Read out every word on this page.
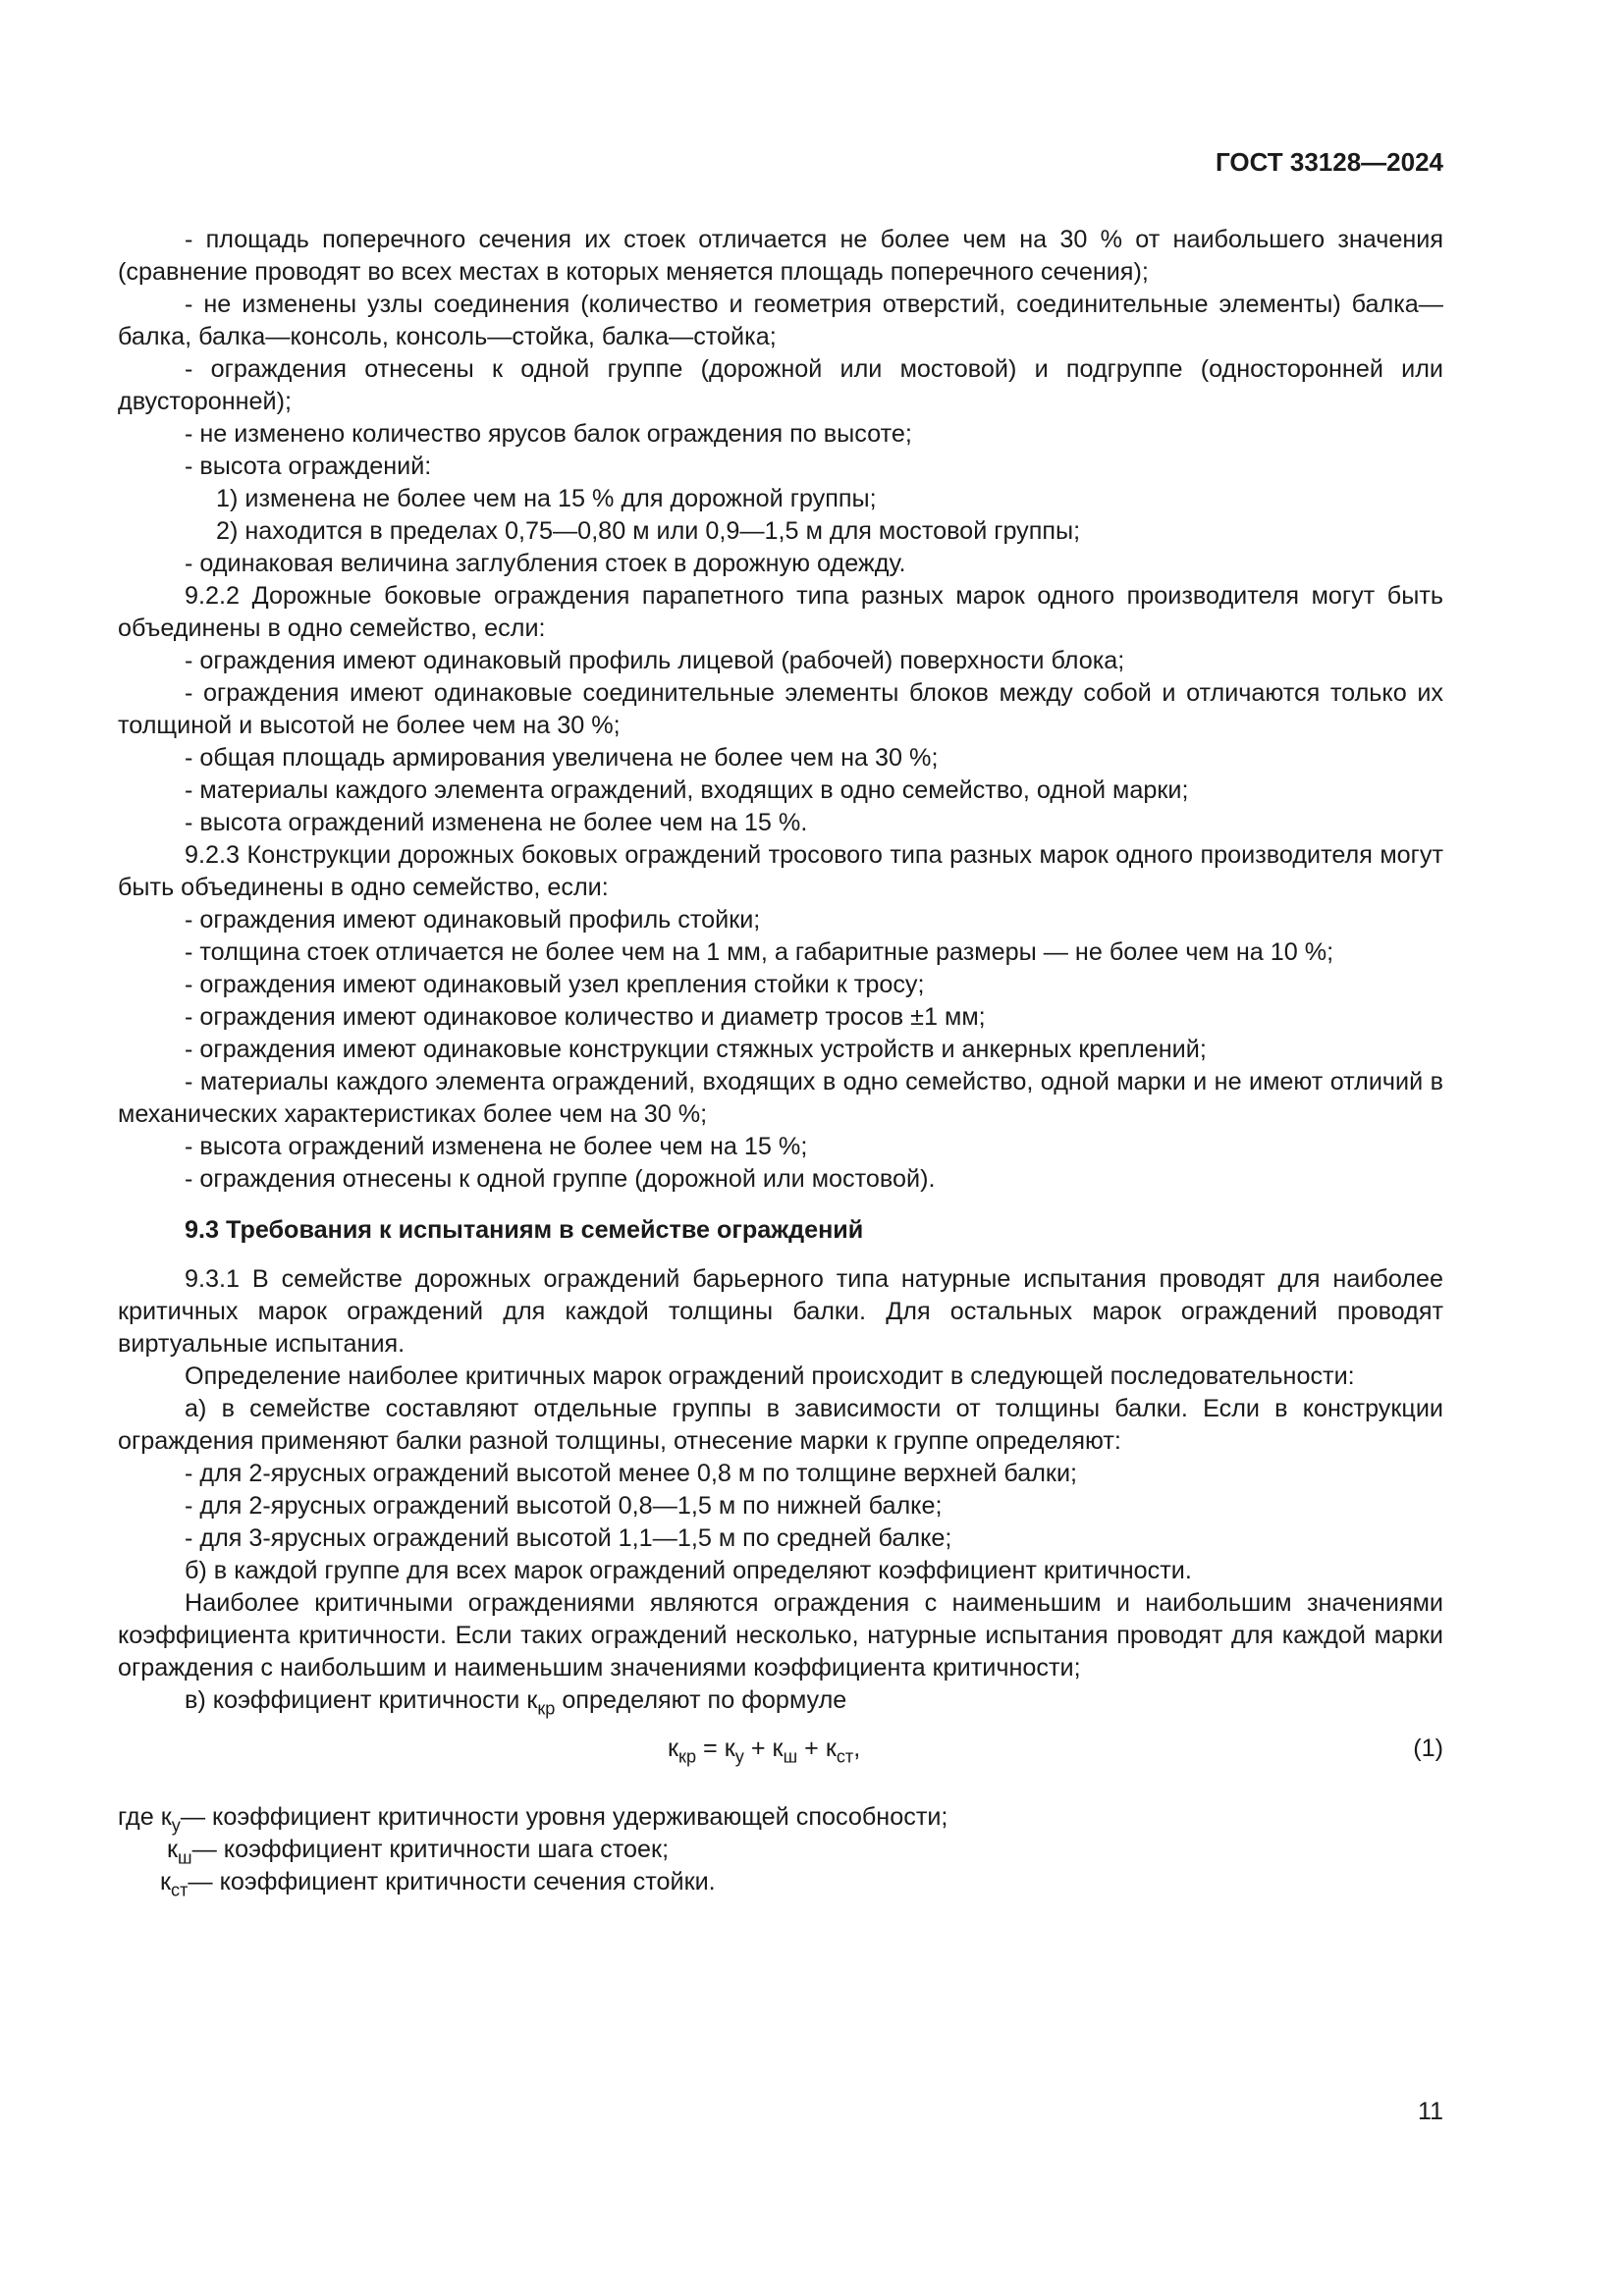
ГОСТ 33128—2024

- площадь поперечного сечения их стоек отличается не более чем на 30 % от наибольшего значения (сравнение проводят во всех местах в которых меняется площадь поперечного сечения);

- не изменены узлы соединения (количество и геометрия отверстий, соединительные элементы) балка—балка, балка—консоль, консоль—стойка, балка—стойка;

- ограждения отнесены к одной группе (дорожной или мостовой) и подгруппе (односторонней или двусторонней);

- не изменено количество ярусов балок ограждения по высоте;

- высота ограждений:

1) изменена не более чем на 15 % для дорожной группы;

2) находится в пределах 0,75—0,80 м или 0,9—1,5 м для мостовой группы;

- одинаковая величина заглубления стоек в дорожную одежду.

9.2.2 Дорожные боковые ограждения парапетного типа разных марок одного производителя могут быть объединены в одно семейство, если:

- ограждения имеют одинаковый профиль лицевой (рабочей) поверхности блока;

- ограждения имеют одинаковые соединительные элементы блоков между собой и отличаются только их толщиной и высотой не более чем на 30 %;

- общая площадь армирования увеличена не более чем на 30 %;

- материалы каждого элемента ограждений, входящих в одно семейство, одной марки;

- высота ограждений изменена не более чем на 15 %.

9.2.3 Конструкции дорожных боковых ограждений тросового типа разных марок одного производителя могут быть объединены в одно семейство, если:

- ограждения имеют одинаковый профиль стойки;

- толщина стоек отличается не более чем на 1 мм, а габаритные размеры — не более чем на 10 %;

- ограждения имеют одинаковый узел крепления стойки к тросу;

- ограждения имеют одинаковое количество и диаметр тросов ±1 мм;

- ограждения имеют одинаковые конструкции стяжных устройств и анкерных креплений;

- материалы каждого элемента ограждений, входящих в одно семейство, одной марки и не имеют отличий в механических характеристиках более чем на 30 %;

- высота ограждений изменена не более чем на 15 %;

- ограждения отнесены к одной группе (дорожной или мостовой).

9.3 Требования к испытаниям в семействе ограждений

9.3.1 В семействе дорожных ограждений барьерного типа натурные испытания проводят для наиболее критичных марок ограждений для каждой толщины балки. Для остальных марок ограждений проводят виртуальные испытания.

Определение наиболее критичных марок ограждений происходит в следующей последовательности:

а) в семействе составляют отдельные группы в зависимости от толщины балки. Если в конструкции ограждения применяют балки разной толщины, отнесение марки к группе определяют:

- для 2-ярусных ограждений высотой менее 0,8 м по толщине верхней балки;

- для 2-ярусных ограждений высотой 0,8—1,5 м по нижней балке;

- для 3-ярусных ограждений высотой 1,1—1,5 м по средней балке;

б) в каждой группе для всех марок ограждений определяют коэффициент критичности.

Наиболее критичными ограждениями являются ограждения с наименьшим и наибольшим значениями коэффициента критичности. Если таких ограждений несколько, натурные испытания проводят для каждой марки ограждения с наибольшим и наименьшим значениями коэффициента критичности;

в) коэффициент критичности $к_{кр}$ определяют по формуле

$к_{кр} = к_у + к_ш + к_{ст}$,	(1)
где $к_у$ — коэффициент критичности уровня удерживающей способности;
$к_ш$ — коэффициент критичности шага стоек;
$к_{ст}$ — коэффициент критичности сечения стойки.
11
